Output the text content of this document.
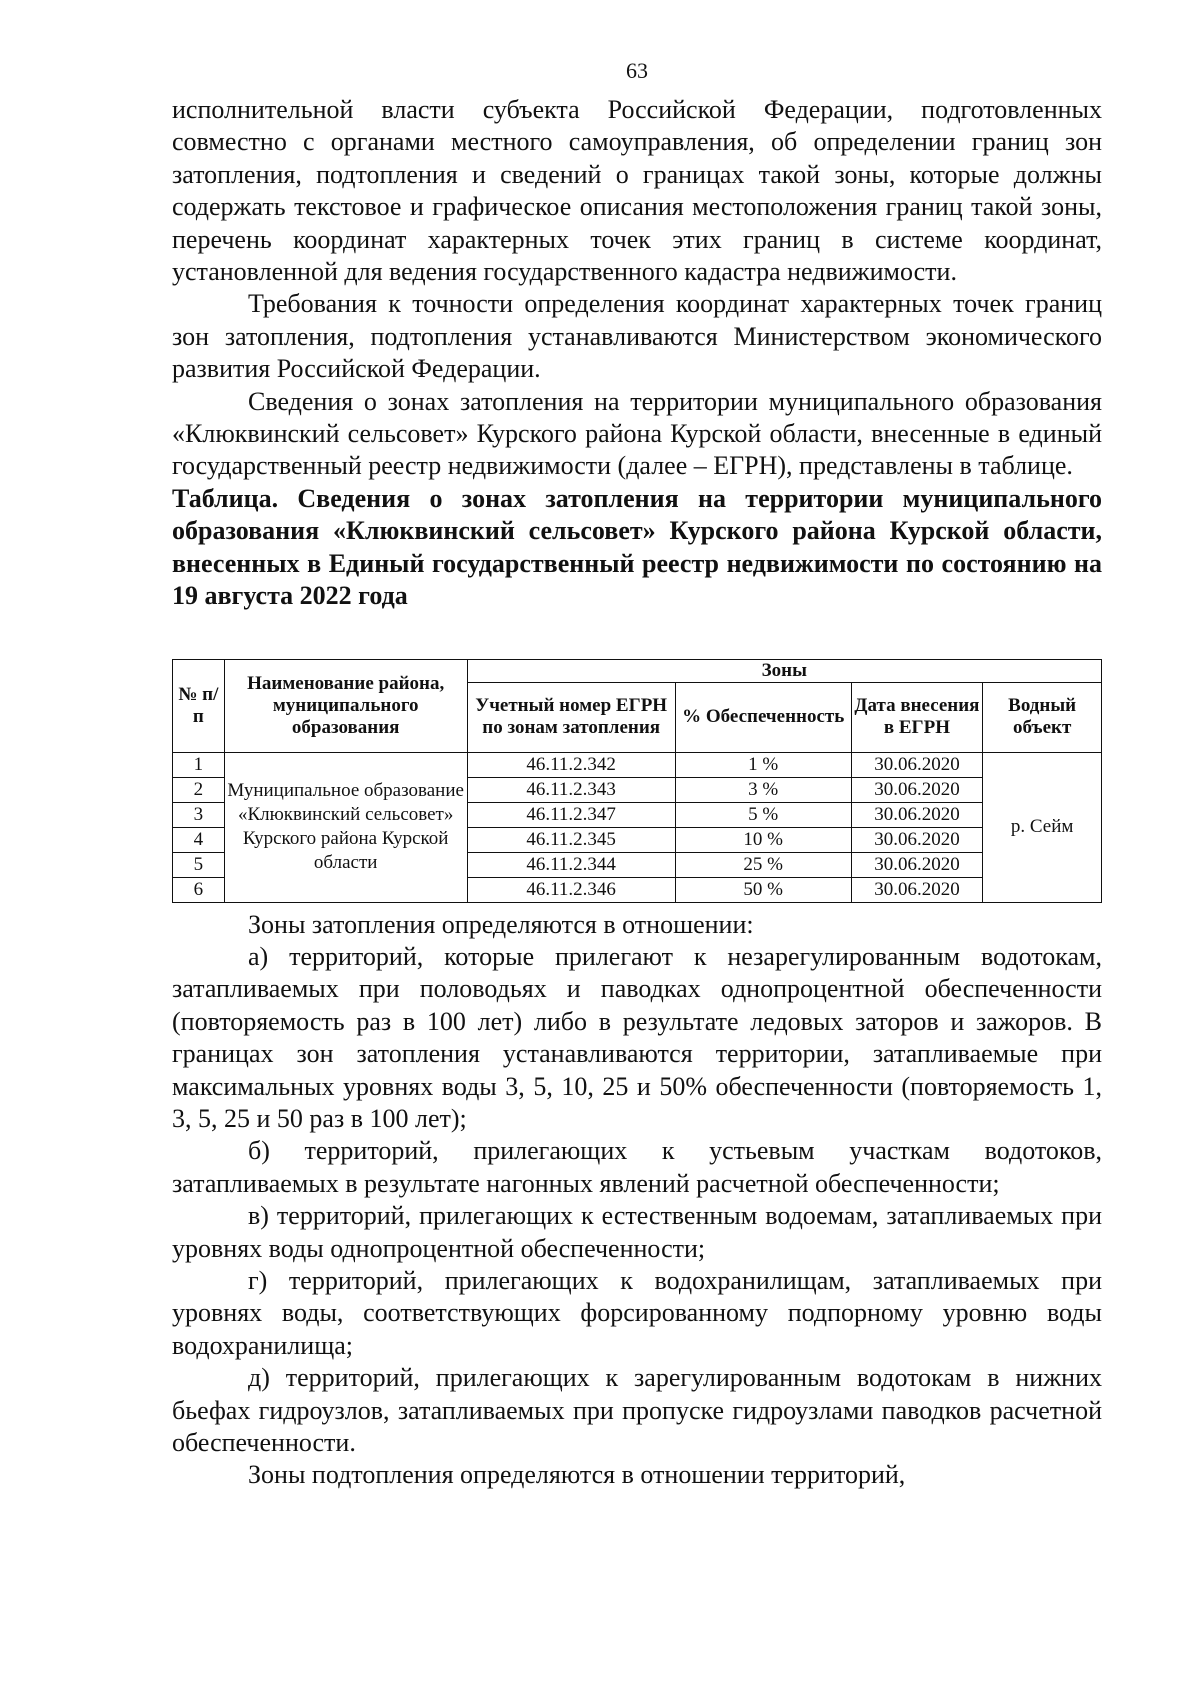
63

исполнительной власти субъекта Российской Федерации, подготовленных совместно с органами местного самоуправления, об определении границ зон затопления, подтопления и сведений о границах такой зоны, которые должны содержать текстовое и графическое описания местоположения границ такой зоны, перечень координат характерных точек этих границ в системе координат, установленной для ведения государственного кадастра недвижимости.

Требования к точности определения координат характерных точек границ зон затопления, подтопления устанавливаются Министерством экономического развития Российской Федерации.

Сведения о зонах затопления на территории муниципального образования «Клюквинский сельсовет» Курского района Курской области, внесенные в единый государственный реестр недвижимости (далее – ЕГРН), представлены в таблице.

Таблица. Сведения о зонах затопления на территории муниципального образования «Клюквинский сельсовет» Курского района Курской области, внесенных в Единый государственный реестр недвижимости по состоянию на 19 августа 2022 года
№ п/п	Наименование района, муниципального образования	Зоны			
		Учетный номер ЕГРН по зонам затопления	% Обеспеченность	Дата внесения в ЕГРН	Водный объект
1	Муниципальное образование «Клюквинский сельсовет» Курского района Курской области	46.11.2.342	1 %	30.06.2020	р. Сейм
2		46.11.2.343	3 %	30.06.2020	
3		46.11.2.347	5 %	30.06.2020	
4		46.11.2.345	10 %	30.06.2020	
5		46.11.2.344	25 %	30.06.2020	
6		46.11.2.346	50 %	30.06.2020	

Зоны затопления определяются в отношении:

а) территорий, которые прилегают к незарегулированным водотокам, затапливаемых при половодьях и паводках однопроцентной обеспеченности (повторяемость раз в 100 лет) либо в результате ледовых заторов и зажоров. В границах зон затопления устанавливаются территории, затапливаемые при максимальных уровнях воды 3, 5, 10, 25 и 50% обеспеченности (повторяемость 1, 3, 5, 25 и 50 раз в 100 лет);

б) территорий, прилегающих к устьевым участкам водотоков, затапливаемых в результате нагонных явлений расчетной обеспеченности;

в) территорий, прилегающих к естественным водоемам, затапливаемых при уровнях воды однопроцентной обеспеченности;

г) территорий, прилегающих к водохранилищам, затапливаемых при уровнях воды, соответствующих форсированному подпорному уровню воды водохранилища;

д) территорий, прилегающих к зарегулированным водотокам в нижних бьефах гидроузлов, затапливаемых при пропуске гидроузлами паводков расчетной обеспеченности.

Зоны подтопления определяются в отношении территорий,
